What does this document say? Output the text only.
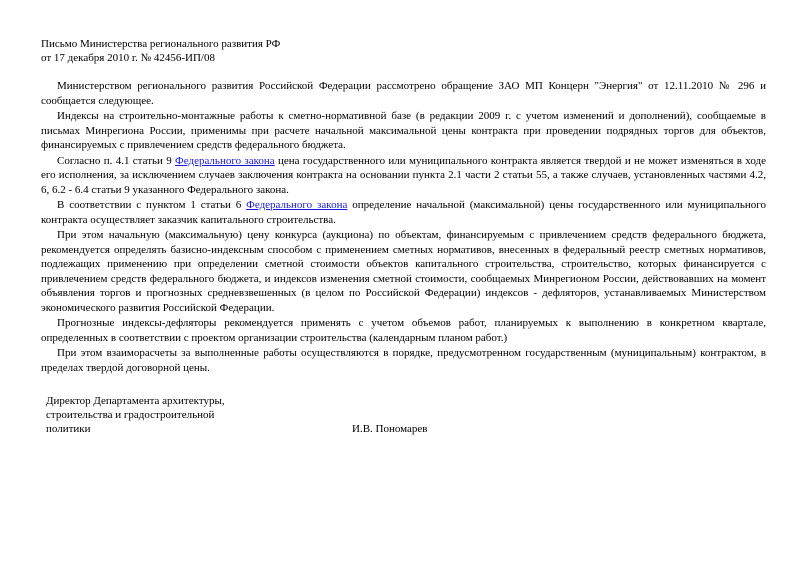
Письмо Министерства регионального развития РФ
от 17 декабря 2010 г. № 42456-ИП/08

Министерством регионального развития Российской Федерации рассмотрено обращение ЗАО МП Концерн "Энергия" от 12.11.2010 № 296 и сообщается следующее.

Индексы на строительно-монтажные работы к сметно-нормативной базе (в редакции 2009 г. с учетом изменений и дополнений), сообщаемые в письмах Минрегиона России, применимы при расчете начальной максимальной цены контракта при проведении подрядных торгов для объектов, финансируемых с привлечением средств федерального бюджета.

Согласно п. 4.1 статьи 9 Федерального закона цена государственного или муниципального контракта является твердой и не может изменяться в ходе его исполнения, за исключением случаев заключения контракта на основании пункта 2.1 части 2 статьи 55, а также случаев, установленных частями 4.2, 6, 6.2 - 6.4 статьи 9 указанного Федерального закона.

В соответствии с пунктом 1 статьи 6 Федерального закона определение начальной (максимальной) цены государственного или муниципального контракта осуществляет заказчик капитального строительства.

При этом начальную (максимальную) цену конкурса (аукциона) по объектам, финансируемым с привлечением средств федерального бюджета, рекомендуется определять базисно-индексным способом с применением сметных нормативов, внесенных в федеральный реестр сметных нормативов, подлежащих применению при определении сметной стоимости объектов капитального строительства, строительство, которых финансируется с привлечением средств федерального бюджета, и индексов изменения сметной стоимости, сообщаемых Минрегионом России, действовавших на момент объявления торгов и прогнозных средневзвешенных (в целом по Российской Федерации) индексов - дефляторов, устанавливаемых Министерством экономического развития Российской Федерации.

Прогнозные индексы-дефляторы рекомендуется применять с учетом объемов работ, планируемых к выполнению в конкретном квартале, определенных в соответствии с проектом организации строительства (календарным планом работ.)

При этом взаиморасчеты за выполненные работы осуществляются в порядке, предусмотренном государственным (муниципальным) контрактом, в пределах твердой договорной цены.

Директор Департамента архитектуры,
строительства и градостроительной
политики	И.В. Пономарев
